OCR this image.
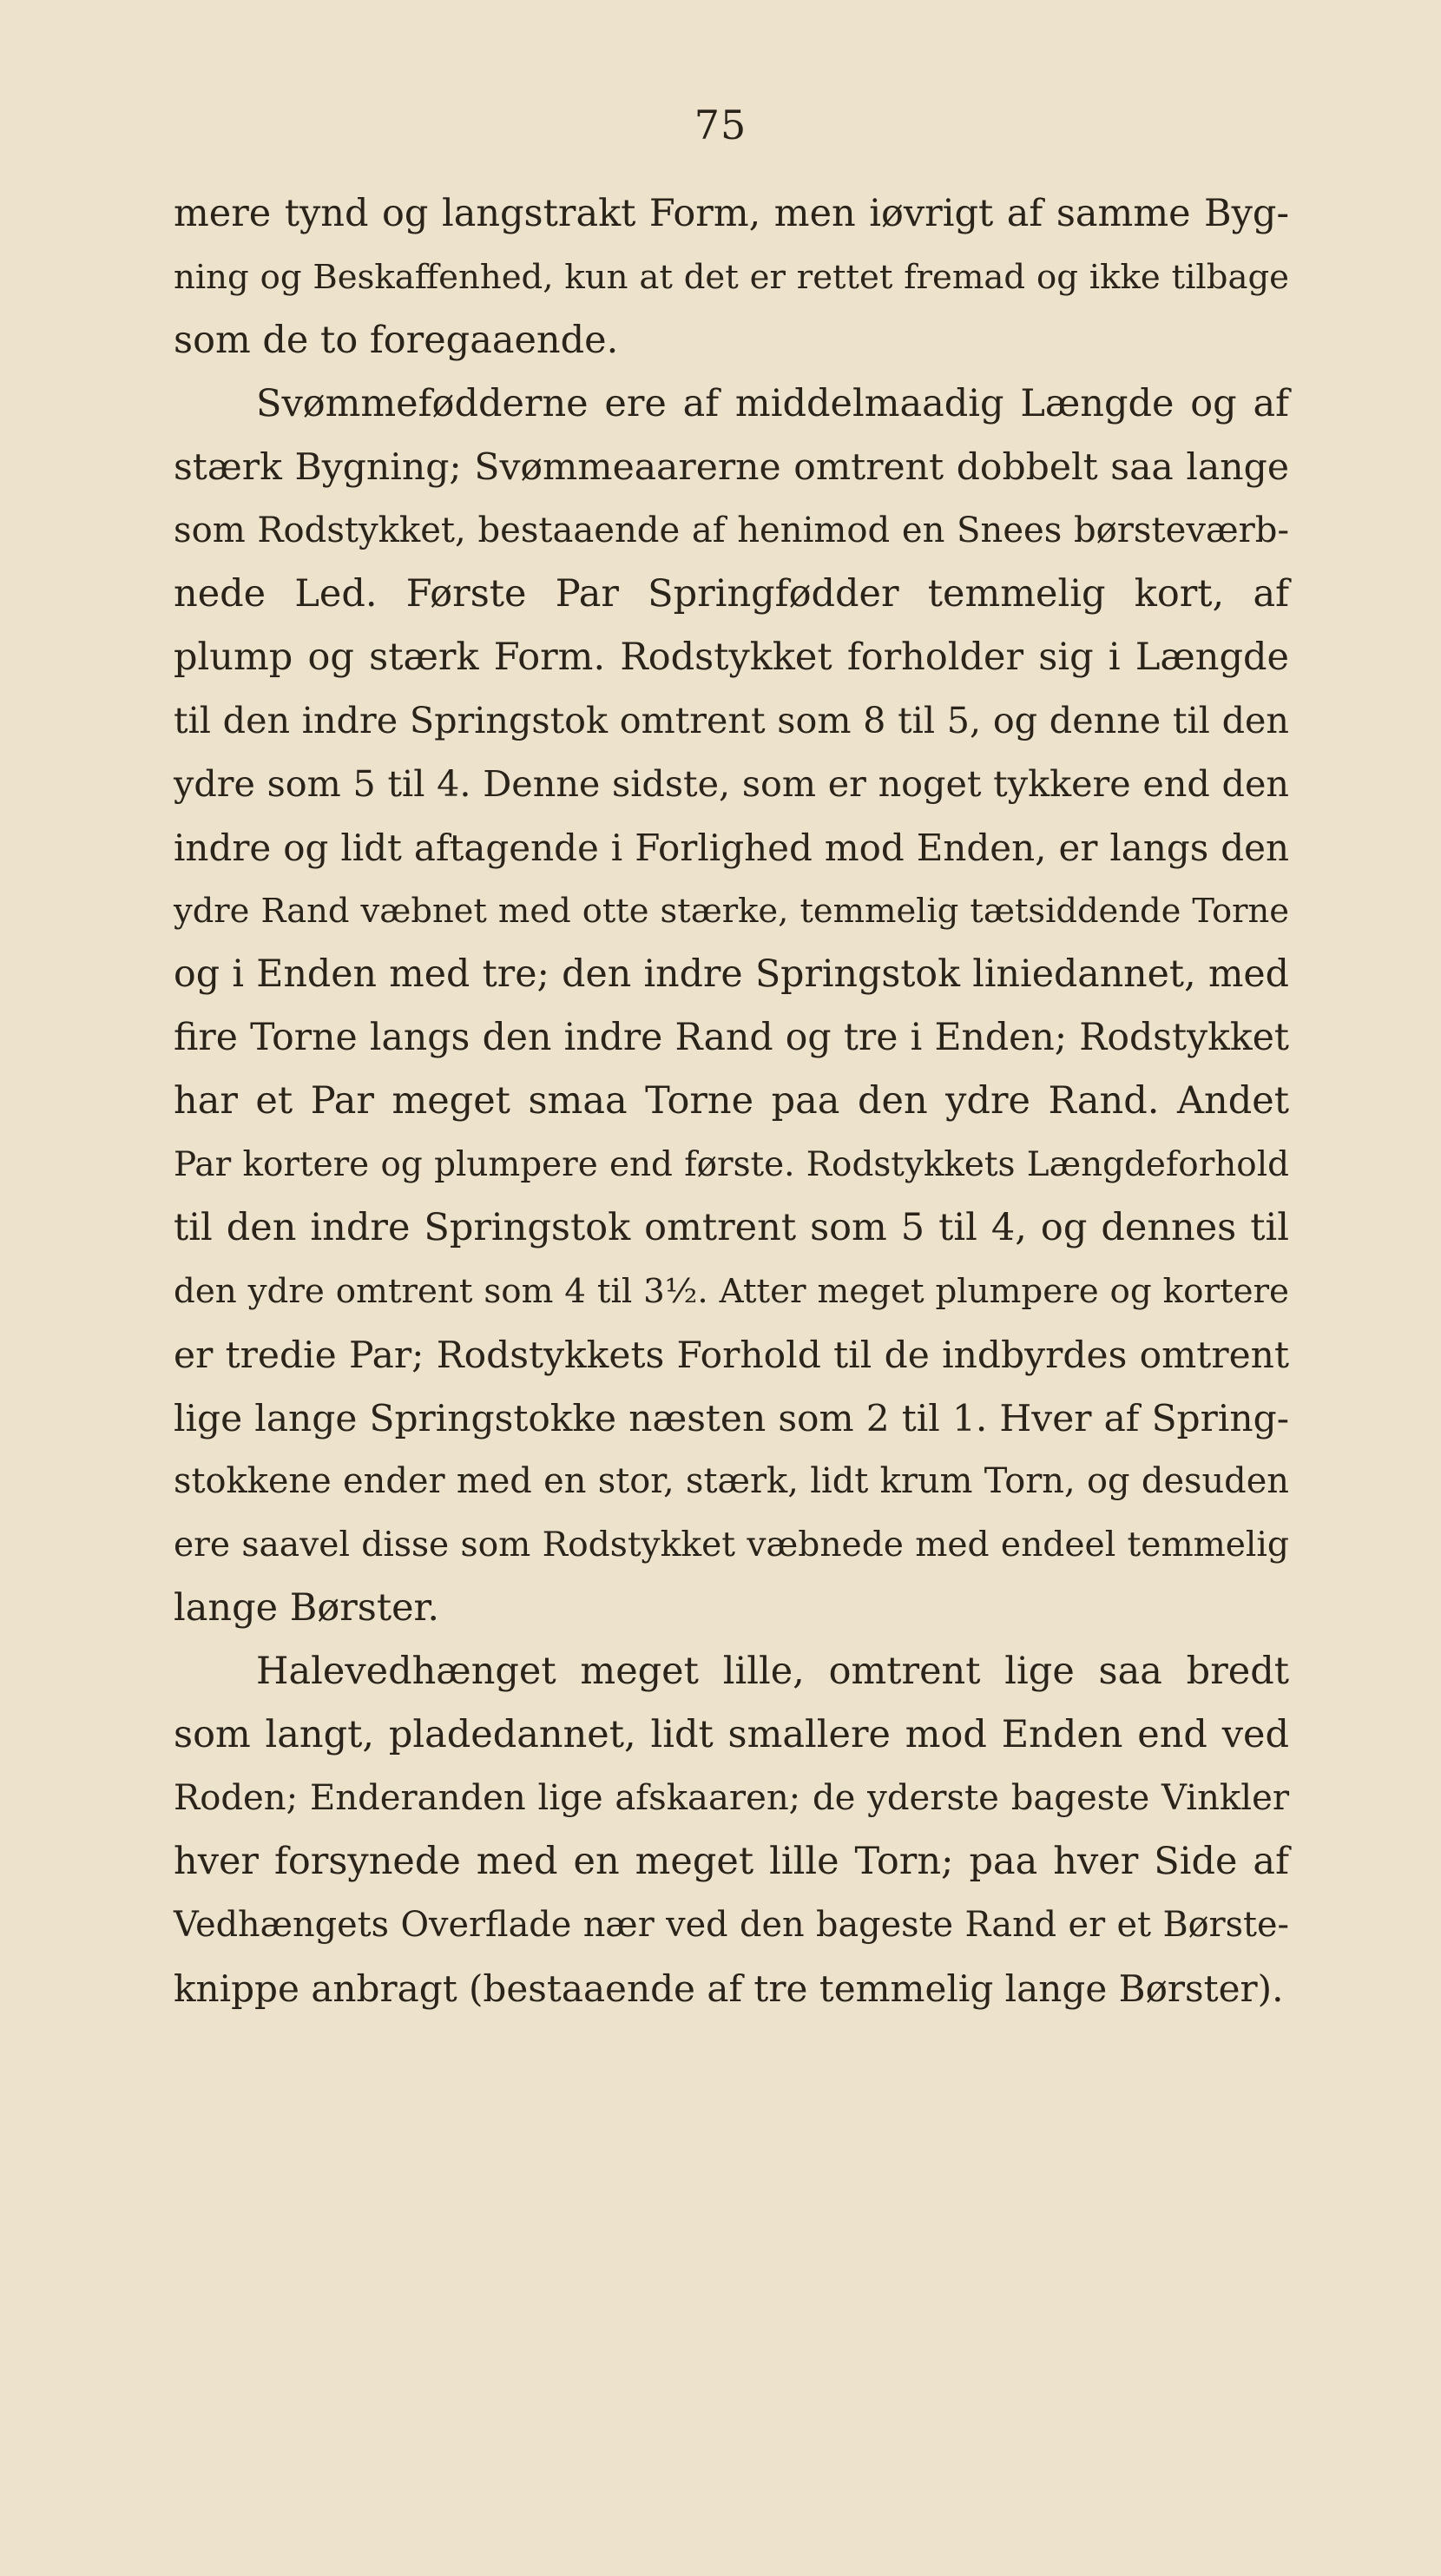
75
mere tynd og langstrakt Form, men iøvrigt af samme Byg-
ning og Beskaffenhed, kun at det er rettet fremad og ikke tilbage
som de to foregaaende.
Svømmefødderne ere af middelmaadig Længde og af
stærk Bygning; Svømmeaarerne omtrent dobbelt saa lange
som Rodstykket, bestaaende af henimod en Snees børsteværb-
nede Led. Første Par Springfødder temmelig kort, af
plump og stærk Form. Rodstykket forholder sig i Længde
til den indre Springstok omtrent som 8 til 5, og denne til den
ydre som 5 til 4. Denne sidste, som er noget tykkere end den
indre og lidt aftagende i Forlighed mod Enden, er langs den
ydre Rand væbnet med otte stærke, temmelig tætsiddende Torne
og i Enden med tre; den indre Springstok liniedannet, med
fire Torne langs den indre Rand og tre i Enden; Rodstykket
har et Par meget smaa Torne paa den ydre Rand. Andet
Par kortere og plumpere end første. Rodstykkets Længdeforhold
til den indre Springstok omtrent som 5 til 4, og dennes til
den ydre omtrent som 4 til 3½. Atter meget plumpere og kortere
er tredie Par; Rodstykkets Forhold til de indbyrdes omtrent
lige lange Springstokke næsten som 2 til 1. Hver af Spring-
stokkene ender med en stor, stærk, lidt krum Torn, og desuden
ere saavel disse som Rodstykket væbnede med endeel temmelig
lange Børster.
Halevedhænget meget lille, omtrent lige saa bredt
som langt, pladedannet, lidt smallere mod Enden end ved
Roden; Enderanden lige afskaaren; de yderste bageste Vinkler
hver forsynede med en meget lille Torn; paa hver Side af
Vedhængets Overflade nær ved den bageste Rand er et Børste-
knippe anbragt (bestaaende af tre temmelig lange Børster).
